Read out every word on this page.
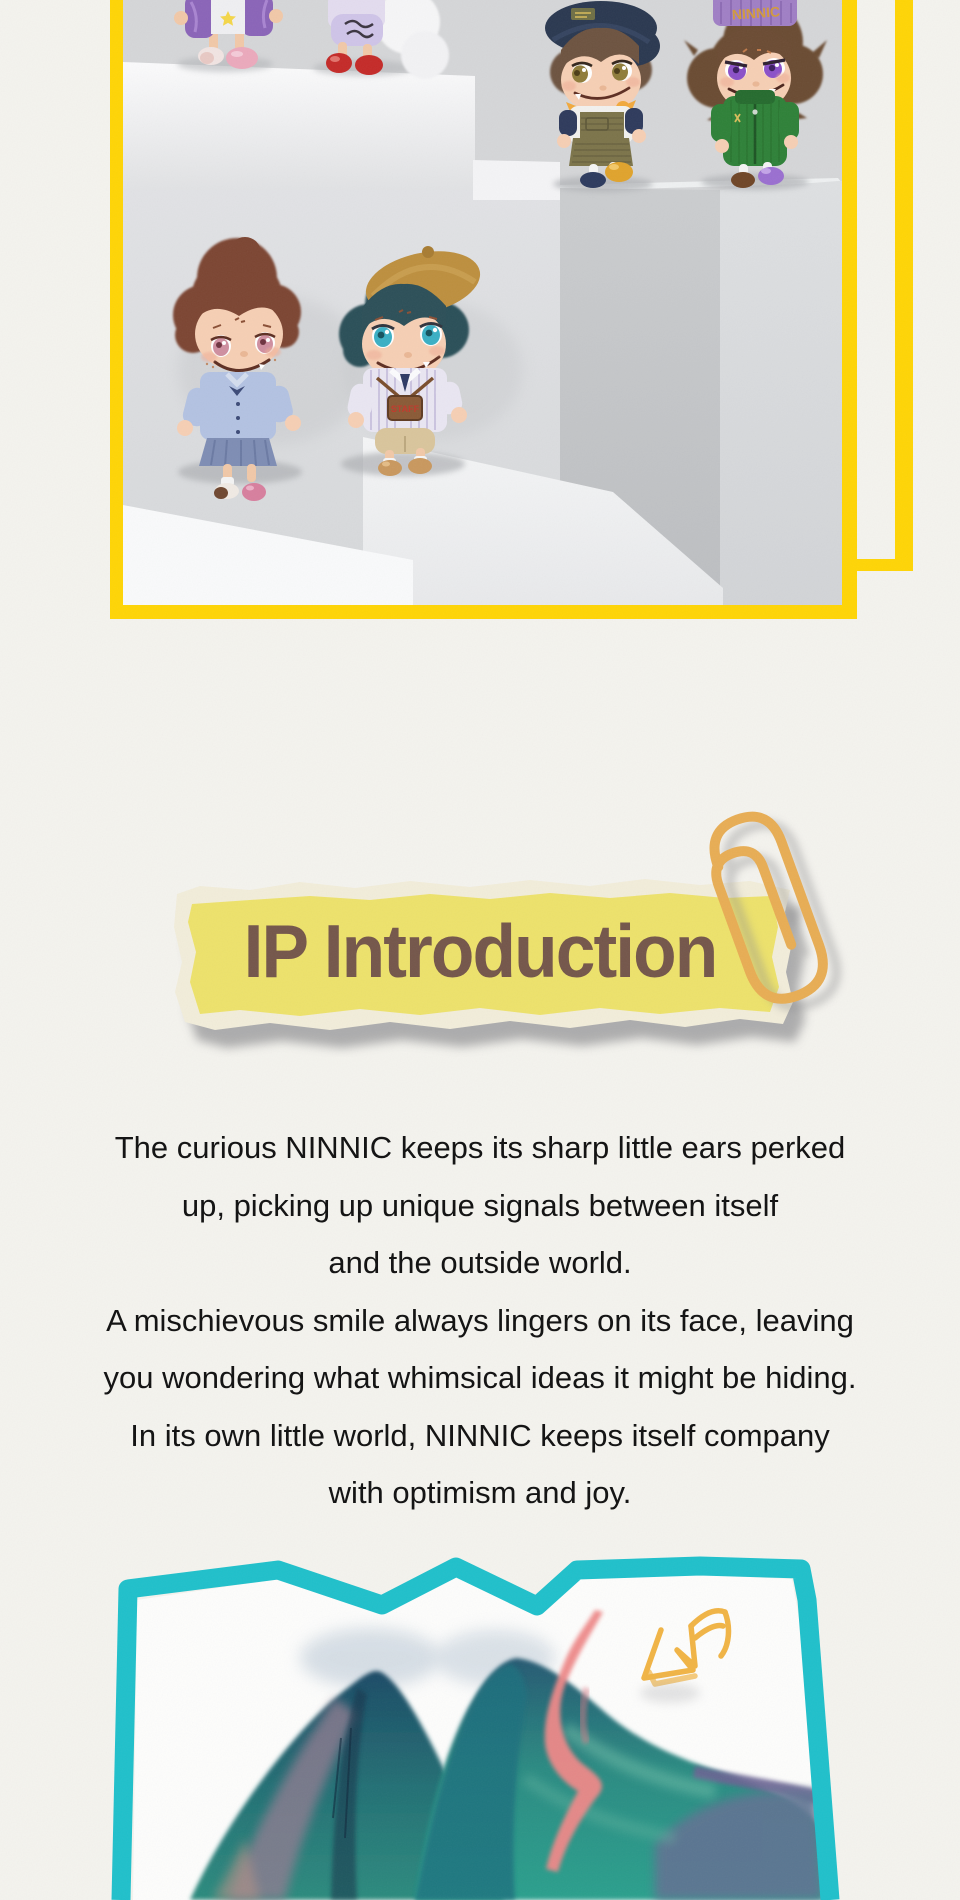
STAFF
NINNIC
IP Introduction
The curious NINNIC keeps its sharp little ears perked
up, picking up unique signals between itself
and the outside world.
A mischievous smile always lingers on its face, leaving
you wondering what whimsical ideas it might be hiding.
In its own little world, NINNIC keeps itself company
with optimism and joy.
